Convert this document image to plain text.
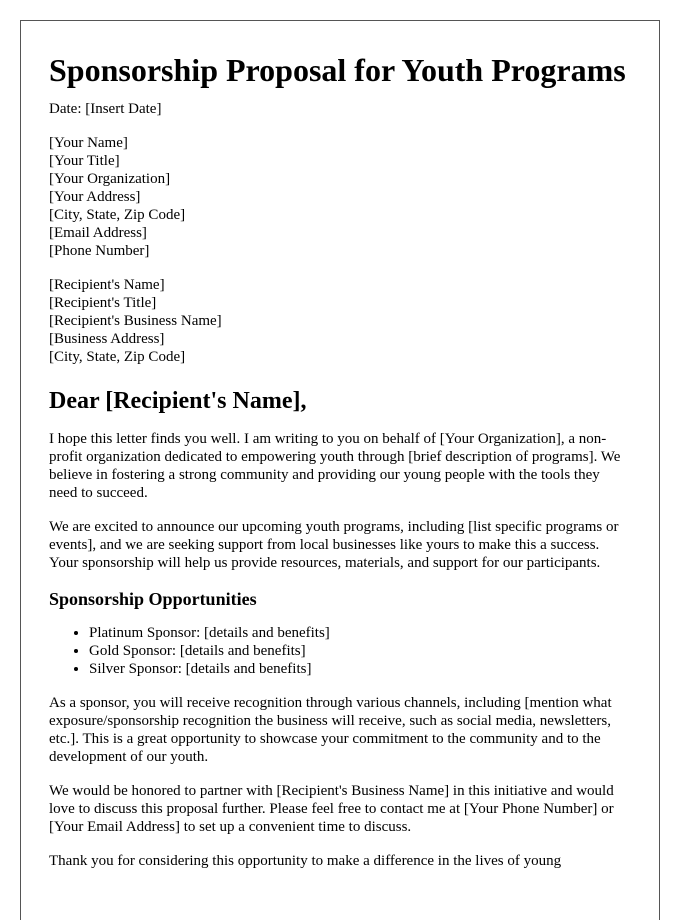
Sponsorship Proposal for Youth Programs
Date: [Insert Date]
[Your Name]
[Your Title]
[Your Organization]
[Your Address]
[City, State, Zip Code]
[Email Address]
[Phone Number]
[Recipient's Name]
[Recipient's Title]
[Recipient's Business Name]
[Business Address]
[City, State, Zip Code]
Dear [Recipient's Name],
I hope this letter finds you well. I am writing to you on behalf of [Your Organization], a non-profit organization dedicated to empowering youth through [brief description of programs]. We believe in fostering a strong community and providing our young people with the tools they need to succeed.
We are excited to announce our upcoming youth programs, including [list specific programs or events], and we are seeking support from local businesses like yours to make this a success. Your sponsorship will help us provide resources, materials, and support for our participants.
Sponsorship Opportunities
• Platinum Sponsor: [details and benefits]
• Gold Sponsor: [details and benefits]
• Silver Sponsor: [details and benefits]
As a sponsor, you will receive recognition through various channels, including [mention what exposure/sponsorship recognition the business will receive, such as social media, newsletters, etc.]. This is a great opportunity to showcase your commitment to the community and to the development of our youth.
We would be honored to partner with [Recipient's Business Name] in this initiative and would love to discuss this proposal further. Please feel free to contact me at [Your Phone Number] or [Your Email Address] to set up a convenient time to discuss.
Thank you for considering this opportunity to make a difference in the lives of young
